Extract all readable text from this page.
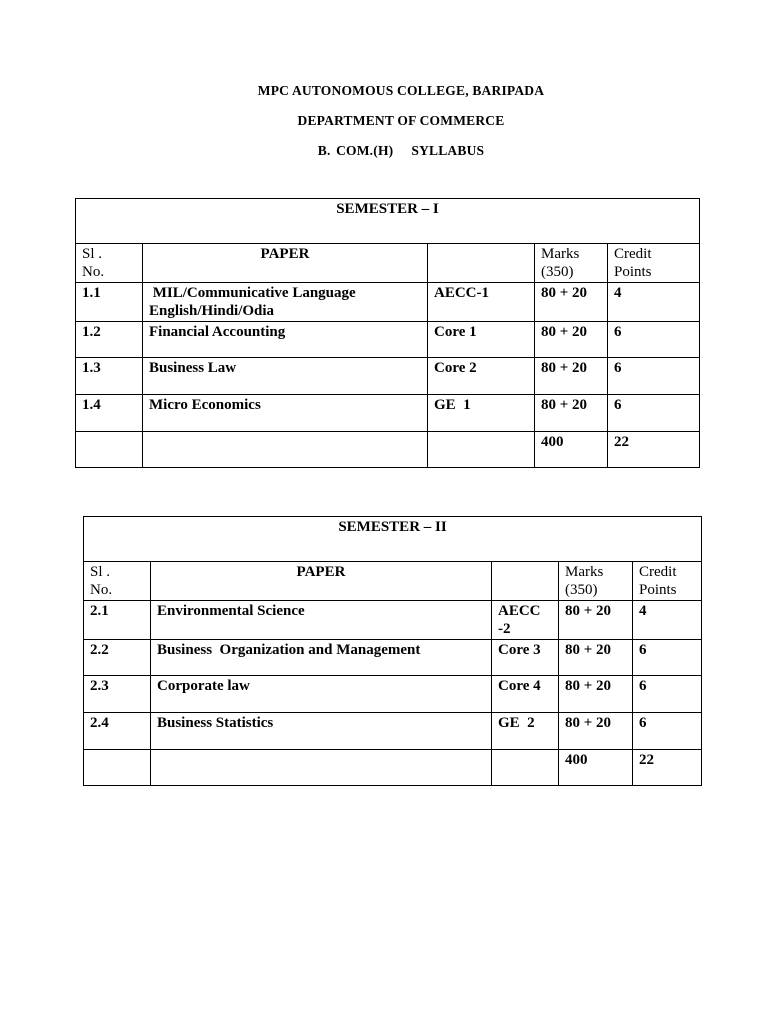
MPC AUTONOMOUS COLLEGE, BARIPADA
DEPARTMENT OF COMMERCE
B. COM.(H) SYLLABUS
SEMESTER – I				
Sl .
No.	PAPER		Marks
(350)	Credit
Points
1.1	MIL/Communicative Language
English/Hindi/Odia	AECC-1	80 + 20	4
1.2	Financial Accounting	Core 1	80 + 20	6
1.3	Business Law	Core 2	80 + 20	6
1.4	Micro Economics	GE  1	80 + 20	6
			400	22
SEMESTER – II				
Sl .
No.	PAPER		Marks
(350)	Credit
Points
2.1	Environmental Science	AECC
-2	80 + 20	4
2.2	Business  Organization and Management	Core 3	80 + 20	6
2.3	Corporate law	Core 4	80 + 20	6
2.4	Business Statistics	GE  2	80 + 20	6
			400	22
